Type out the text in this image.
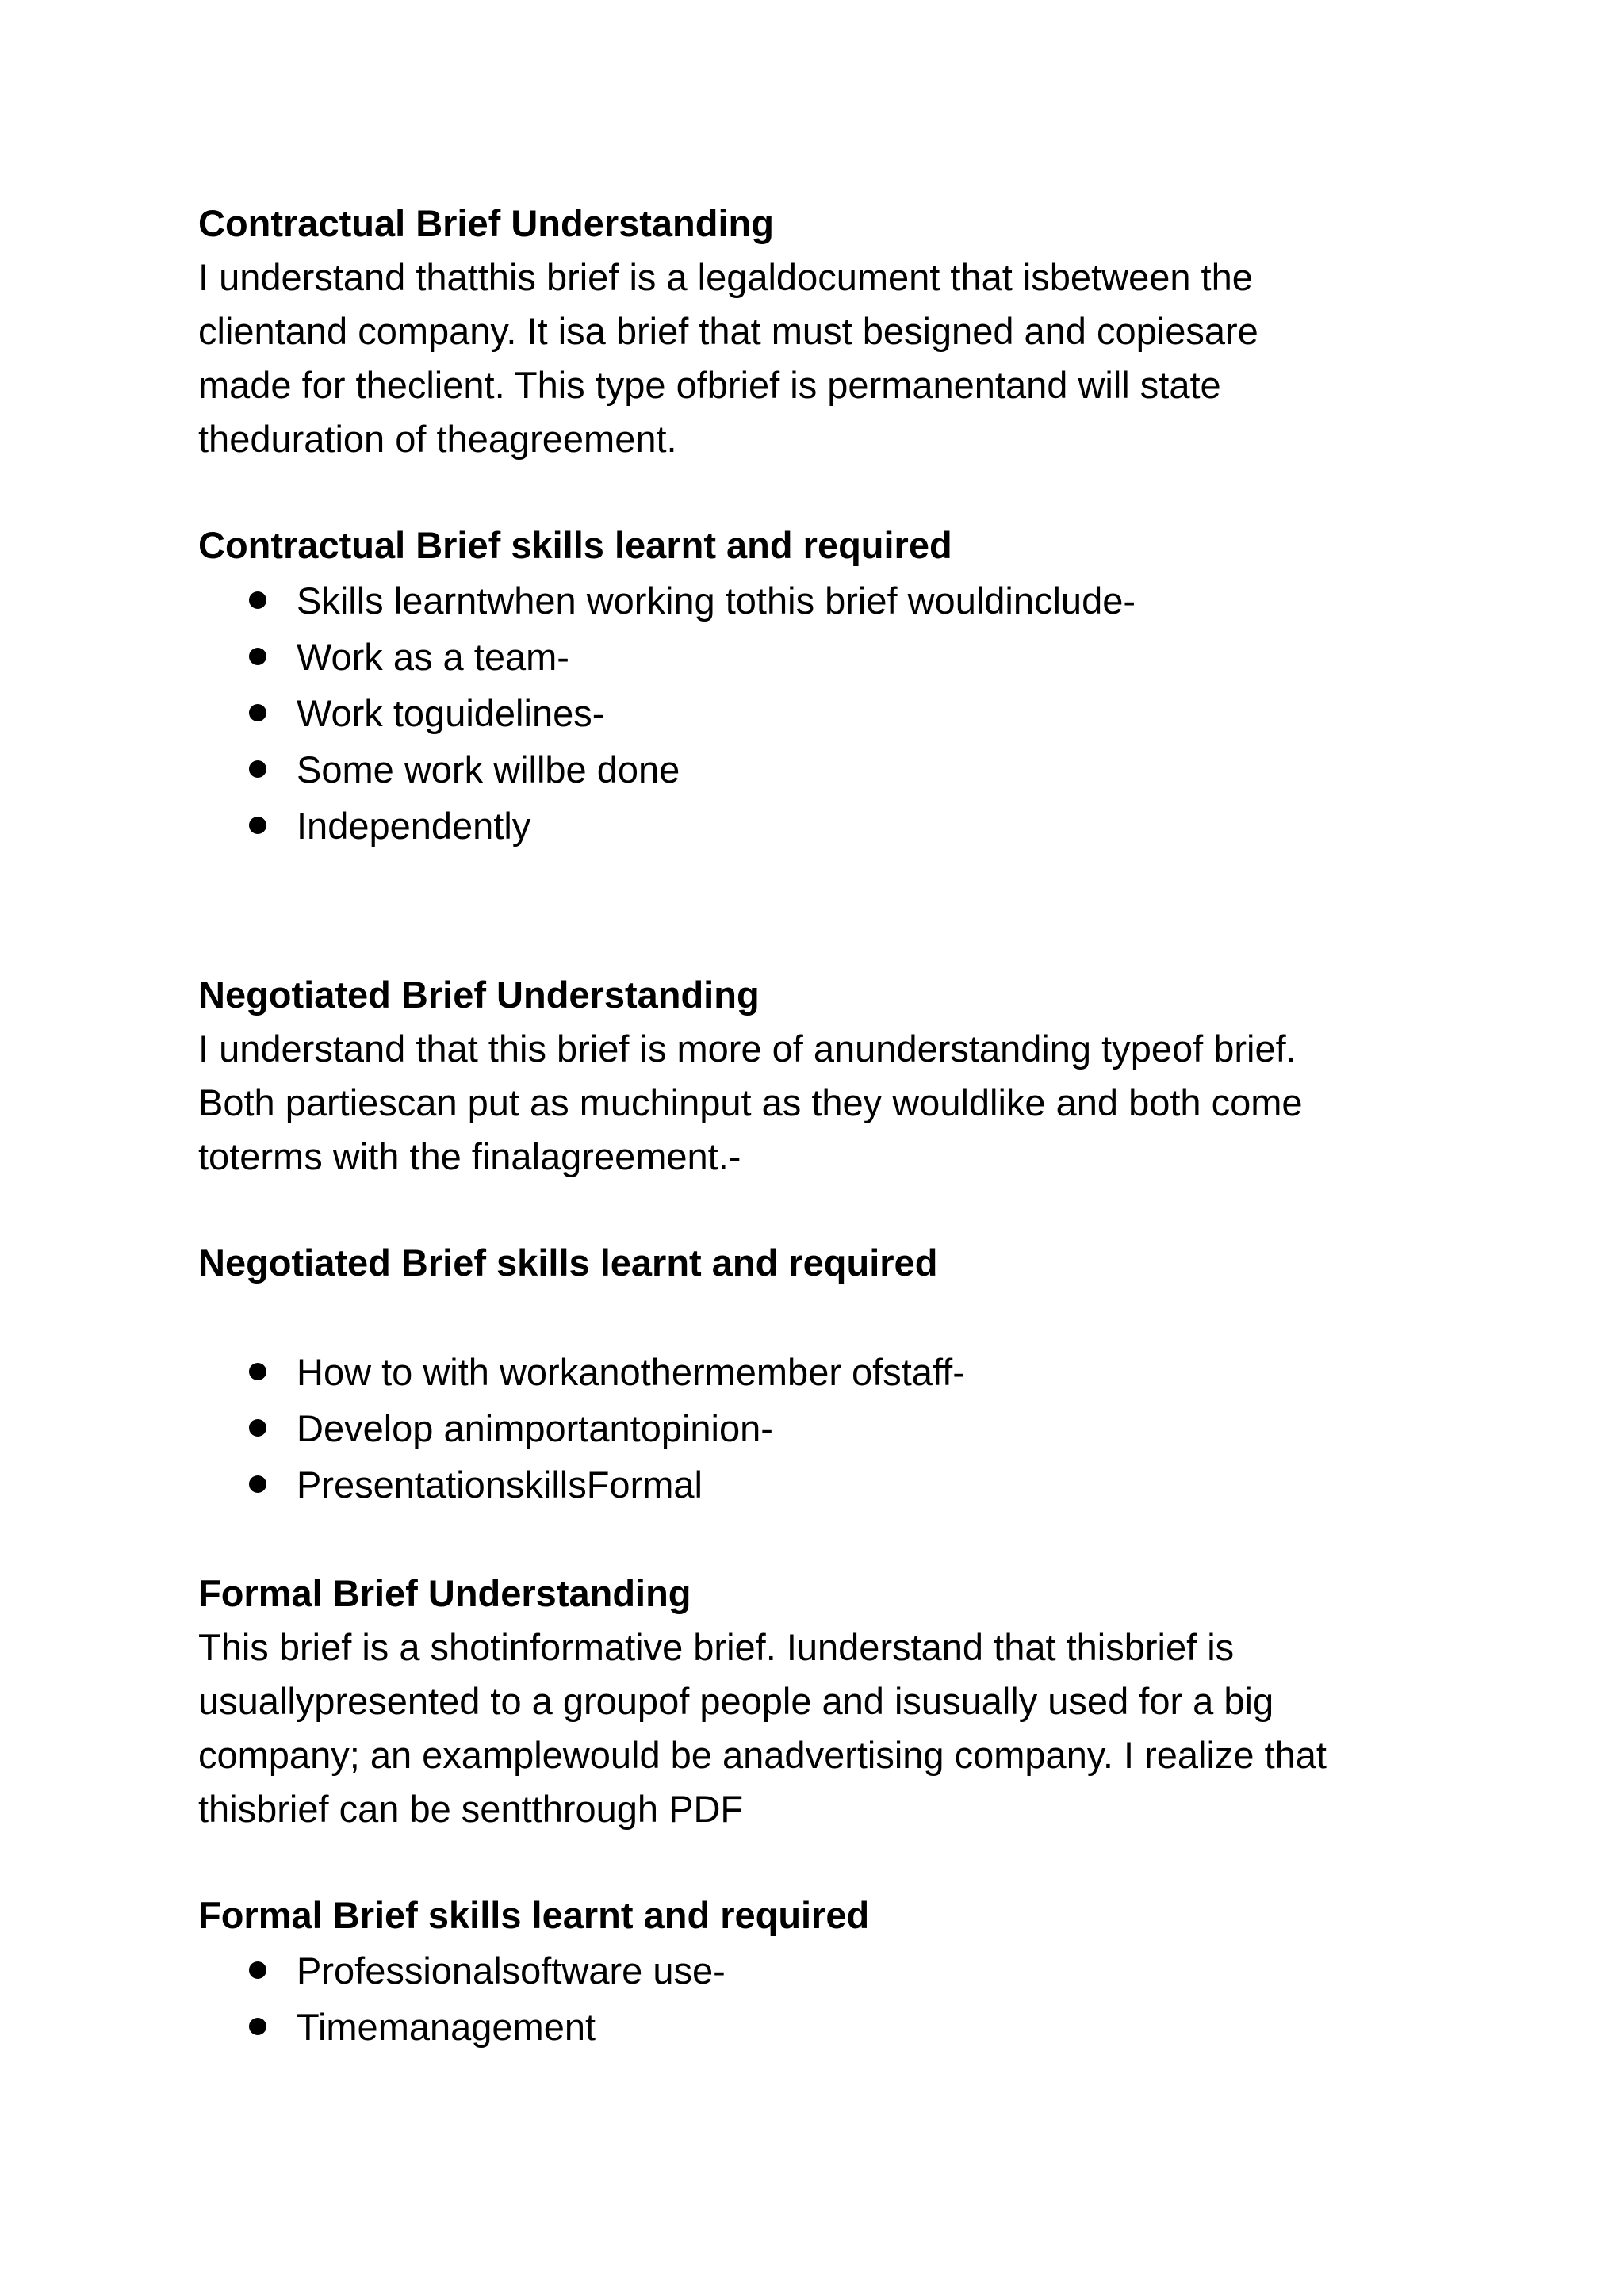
Contractual Brief Understanding

I understand thatthis brief is a legaldocument that isbetween the
clientand company. It isa brief that must besigned and copiesare
made for theclient. This type ofbrief is permanentand will state
theduration of theagreement.

Contractual Brief skills learnt and required
Skills learntwhen working tothis brief wouldinclude-
Work as a team-
Work toguidelines-
Some work willbe done
Independently
Negotiated Brief Understanding

I understand that this brief is more of anunderstanding typeof brief.
Both partiescan put as muchinput as they wouldlike and both come
toterms with the finalagreement.-

Negotiated Brief skills learnt and required
How to with workanothermember ofstaff-
Develop animportantopinion-
PresentationskillsFormal
Formal Brief Understanding

This brief is a shotinformative brief. Iunderstand that thisbrief is
usuallypresented to a groupof people and isusually used for a big
company; an examplewould be anadvertising company. I realize that
thisbrief can be sentthrough PDF

Formal Brief skills learnt and required
Professionalsoftware use-
Timemanagement
